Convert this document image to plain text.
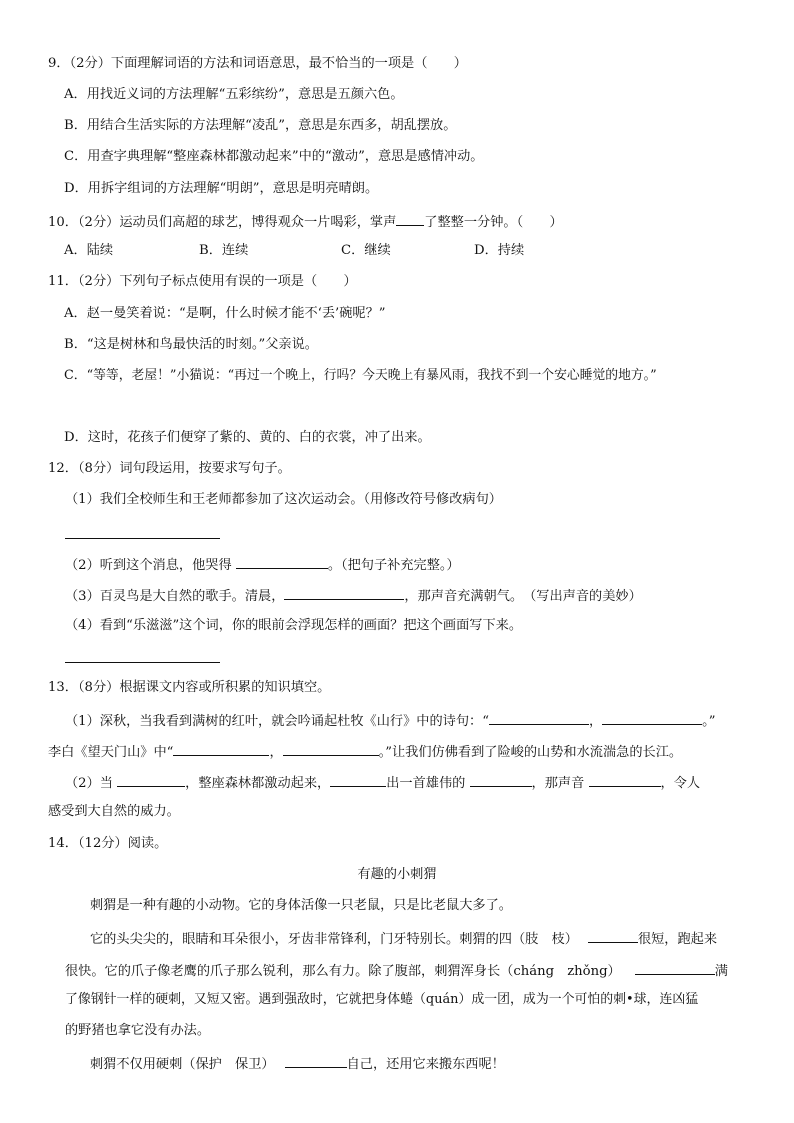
9．（2分）下面理解词语的方法和词语意思，最不恰当的一项是（　　）
A．用找近义词的方法理解“五彩缤纷”，意思是五颜六色。
B．用结合生活实际的方法理解“凌乱”，意思是东西多，胡乱摆放。
C．用查字典理解“整座森林都激动起来”中的“激动”，意思是感情冲动。
D．用拆字组词的方法理解“明朗”，意思是明亮晴朗。
10．（2分）运动员们高超的球艺，博得观众一片喝彩，掌声 了整整一分钟。（　　）
A．陆续	B．连续	C．继续	D．持续
11．（2分）下列句子标点使用有误的一项是（　　）
A．赵一曼笑着说：“是啊，什么时候才能不‘丢’碗呢？”
B．“这是树林和鸟最快活的时刻。”父亲说。
C．“等等，老屋！”小猫说：“再过一个晚上，行吗？今天晚上有暴风雨，我找不到一个安心睡觉的地方。”
D．这时，花孩子们便穿了紫的、黄的、白的衣裳，冲了出来。
12．（8分）词句段运用，按要求写句子。
（1）我们全校师生和王老师都参加了这次运动会。（用修改符号修改病句）
（2）听到这个消息，他哭得	。（把句子补充完整。）
（3）百灵鸟是大自然的歌手。清晨，	，那声音充满朝气。　（写出声音的美妙）
（4）看到“乐滋滋”这个词，你的眼前会浮现怎样的画面？把这个画面写下来。
13．（8分）根据课文内容或所积累的知识填空。
（1）深秋，当我看到满树的红叶，就会吟诵起杜牧《山行》中的诗句：“	，	。”
李白《望天门山》中“	，	。”让我们仿佛看到了险峻的山势和水流湍急的长江。
（2）当	，整座森林都激动起来，	出一首雄伟的	，那声音	，令人
感受到大自然的威力。
14．（12分）阅读。
有趣的小刺猬
刺猬是一种有趣的小动物。它的身体活像一只老鼠，只是比老鼠大多了。
它的头尖尖的，眼睛和耳朵很小，牙齿非常锋利，门牙特别长。刺猬的四（肢　枝）	很短，跑起来
很快。它的爪子像老鹰的爪子那么锐利，那么有力。除了腹部，刺猬浑身长（cháng　zhǒng）	满
了像钢针一样的硬刺，又短又密。遇到强敌时，它就把身体蜷（quán）成一团，成为一个可怕的刺•球，连凶猛
的野猪也拿它没有办法。
刺猬不仅用硬刺（保护　保卫）	自己，还用它来搬东西呢！
